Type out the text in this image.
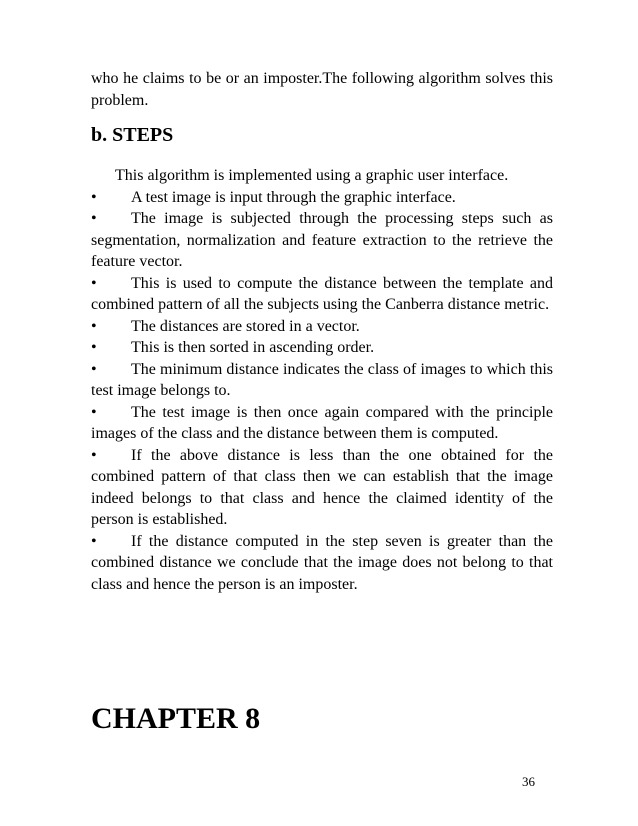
who he claims to be or an imposter.The following algorithm solves this problem.

b. STEPS

This algorithm is implemented using a graphic user interface.

• A test image is input through the graphic interface.
• The image is subjected through the processing steps such as segmentation, normalization and feature extraction to the retrieve the feature vector.
• This is used to compute the distance between the template and combined pattern of all the subjects using the Canberra distance metric.
• The distances are stored in a vector.
• This is then sorted in ascending order.
• The minimum distance indicates the class of images to which this test image belongs to.
• The test image is then once again compared with the principle images of the class and the distance between them is computed.
• If the above distance is less than the one obtained for the combined pattern of that class then we can establish that the image indeed belongs to that class and hence the claimed identity of the person is established.
• If the distance computed in the step seven is greater than the combined distance we conclude that the image does not belong to that class and hence the person is an imposter.
CHAPTER 8
36
